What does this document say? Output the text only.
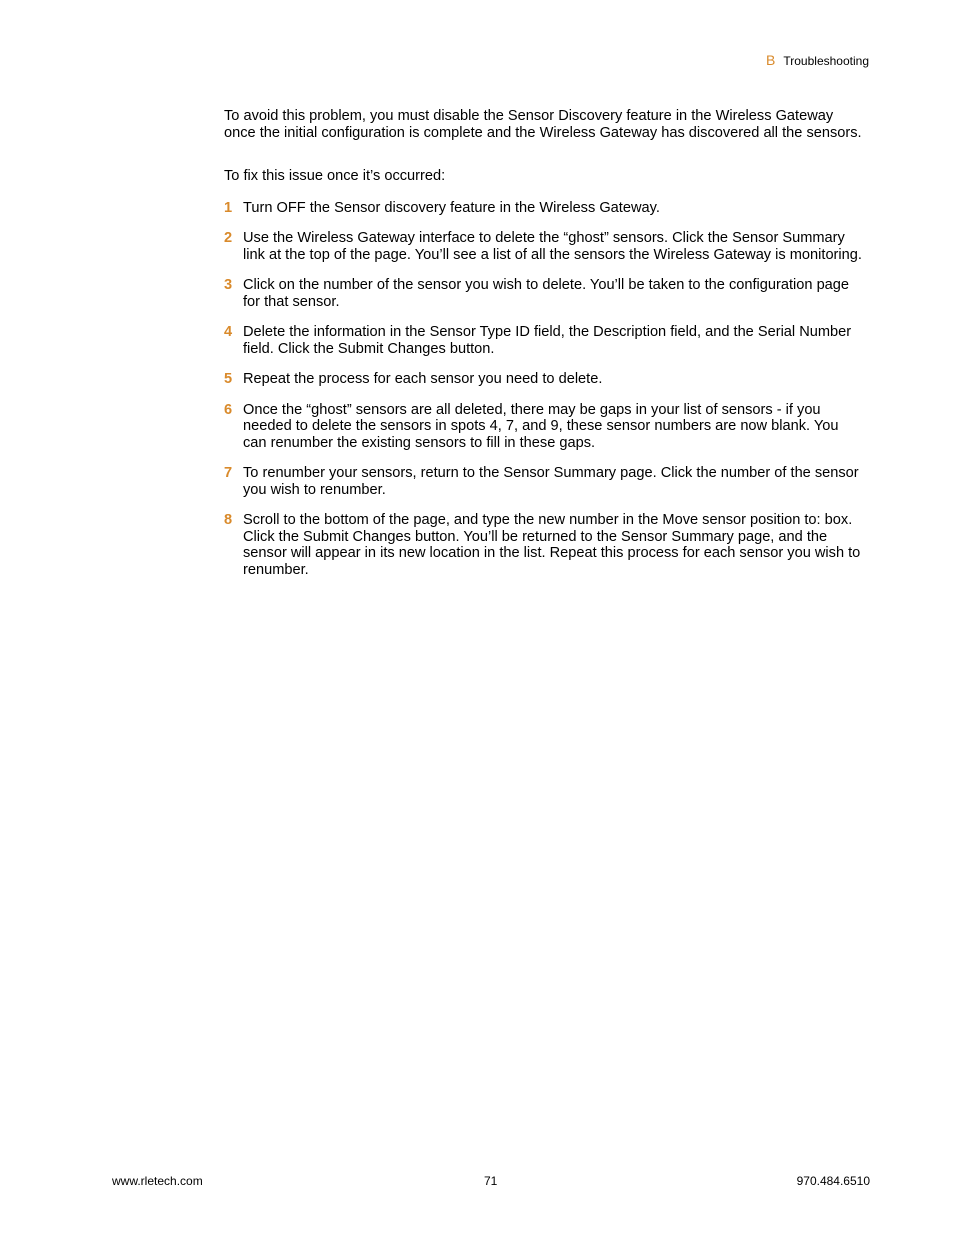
B Troubleshooting

To avoid this problem, you must disable the Sensor Discovery feature in the Wireless Gateway once the initial configuration is complete and the Wireless Gateway has discovered all the sensors.

To fix this issue once it’s occurred:

1 Turn OFF the Sensor discovery feature in the Wireless Gateway.
2 Use the Wireless Gateway interface to delete the “ghost” sensors. Click the Sensor Summary link at the top of the page. You’ll see a list of all the sensors the Wireless Gateway is monitoring.
3 Click on the number of the sensor you wish to delete. You’ll be taken to the configuration page for that sensor.
4 Delete the information in the Sensor Type ID field, the Description field, and the Serial Number field. Click the Submit Changes button.
5 Repeat the process for each sensor you need to delete.
6 Once the “ghost” sensors are all deleted, there may be gaps in your list of sensors - if you needed to delete the sensors in spots 4, 7, and 9, these sensor numbers are now blank. You can renumber the existing sensors to fill in these gaps.
7 To renumber your sensors, return to the Sensor Summary page. Click the number of the sensor you wish to renumber.
8 Scroll to the bottom of the page, and type the new number in the Move sensor position to: box. Click the Submit Changes button. You’ll be returned to the Sensor Summary page, and the sensor will appear in its new location in the list. Repeat this process for each sensor you wish to renumber.
www.rletech.com	71	970.484.6510
